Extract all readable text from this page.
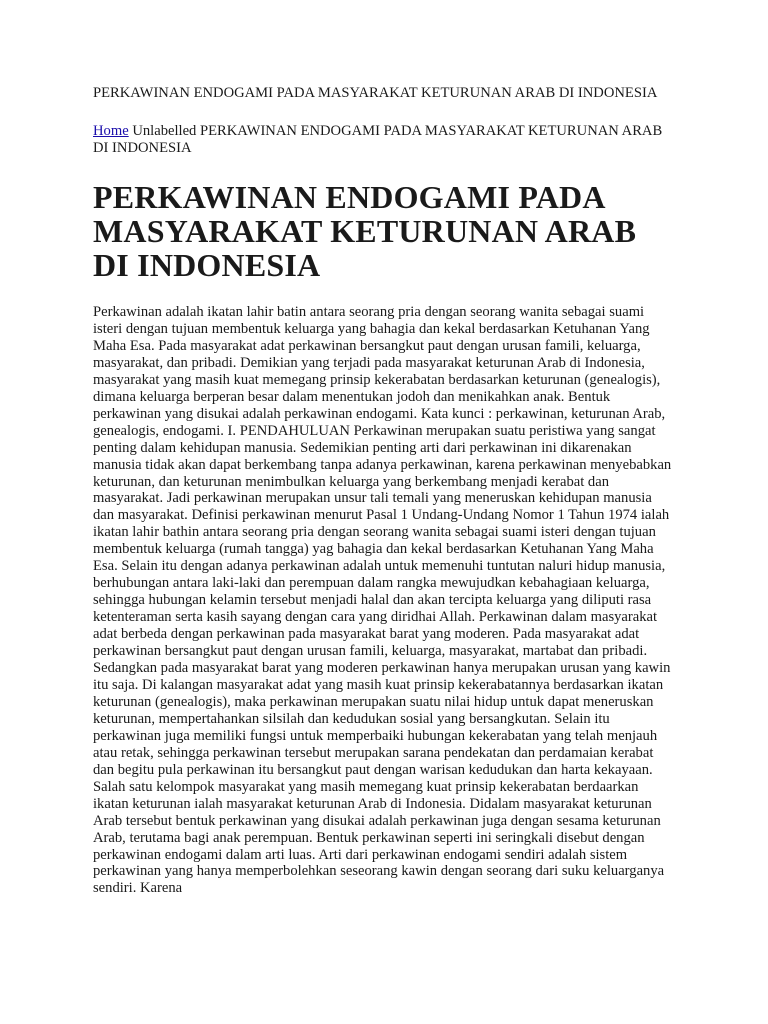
PERKAWINAN ENDOGAMI PADA MASYARAKAT KETURUNAN ARAB DI INDONESIA

Home Unlabelled PERKAWINAN ENDOGAMI PADA MASYARAKAT KETURUNAN ARAB DI INDONESIA

PERKAWINAN ENDOGAMI PADA MASYARAKAT KETURUNAN ARAB DI INDONESIA

Perkawinan adalah ikatan lahir batin antara seorang pria dengan seorang wanita sebagai suami isteri dengan tujuan membentuk keluarga yang bahagia dan kekal berdasarkan Ketuhanan Yang Maha Esa. Pada masyarakat adat perkawinan bersangkut paut dengan urusan famili, keluarga, masyarakat, dan pribadi. Demikian yang terjadi pada masyarakat keturunan Arab di Indonesia, masyarakat yang masih kuat memegang prinsip kekerabatan berdasarkan keturunan (genealogis), dimana keluarga berperan besar dalam menentukan jodoh dan menikahkan anak. Bentuk perkawinan yang disukai adalah perkawinan endogami. Kata kunci : perkawinan, keturunan Arab, genealogis, endogami. I. PENDAHULUAN Perkawinan merupakan suatu peristiwa yang sangat penting dalam kehidupan manusia. Sedemikian penting arti dari perkawinan ini dikarenakan manusia tidak akan dapat berkembang tanpa adanya perkawinan, karena perkawinan menyebabkan keturunan, dan keturunan menimbulkan keluarga yang berkembang menjadi kerabat dan masyarakat. Jadi perkawinan merupakan unsur tali temali yang meneruskan kehidupan manusia dan masyarakat. Definisi perkawinan menurut Pasal 1 Undang-Undang Nomor 1 Tahun 1974 ialah ikatan lahir bathin antara seorang pria dengan seorang wanita sebagai suami isteri dengan tujuan membentuk keluarga (rumah tangga) yag bahagia dan kekal berdasarkan Ketuhanan Yang Maha Esa. Selain itu dengan adanya perkawinan adalah untuk memenuhi tuntutan naluri hidup manusia, berhubungan antara laki-laki dan perempuan dalam rangka mewujudkan kebahagiaan keluarga, sehingga hubungan kelamin tersebut menjadi halal dan akan tercipta keluarga yang diliputi rasa ketenteraman serta kasih sayang dengan cara yang diridhai Allah. Perkawinan dalam masyarakat adat berbeda dengan perkawinan pada masyarakat barat yang moderen. Pada masyarakat adat perkawinan bersangkut paut dengan urusan famili, keluarga, masyarakat, martabat dan pribadi. Sedangkan pada masyarakat barat yang moderen perkawinan hanya merupakan urusan yang kawin itu saja. Di kalangan masyarakat adat yang masih kuat prinsip kekerabatannya berdasarkan ikatan keturunan (genealogis), maka perkawinan merupakan suatu nilai hidup untuk dapat meneruskan keturunan, mempertahankan silsilah dan kedudukan sosial yang bersangkutan. Selain itu perkawinan juga memiliki fungsi untuk memperbaiki hubungan kekerabatan yang telah menjauh atau retak, sehingga perkawinan tersebut merupakan sarana pendekatan dan perdamaian kerabat dan begitu pula perkawinan itu bersangkut paut dengan warisan kedudukan dan harta kekayaan. Salah satu kelompok masyarakat yang masih memegang kuat prinsip kekerabatan berdaarkan ikatan keturunan ialah masyarakat keturunan Arab di Indonesia. Didalam masyarakat keturunan Arab tersebut bentuk perkawinan yang disukai adalah perkawinan juga dengan sesama keturunan Arab, terutama bagi anak perempuan. Bentuk perkawinan seperti ini seringkali disebut dengan perkawinan endogami dalam arti luas. Arti dari perkawinan endogami sendiri adalah sistem perkawinan yang hanya memperbolehkan seseorang kawin dengan seorang dari suku keluarganya sendiri. Karena
